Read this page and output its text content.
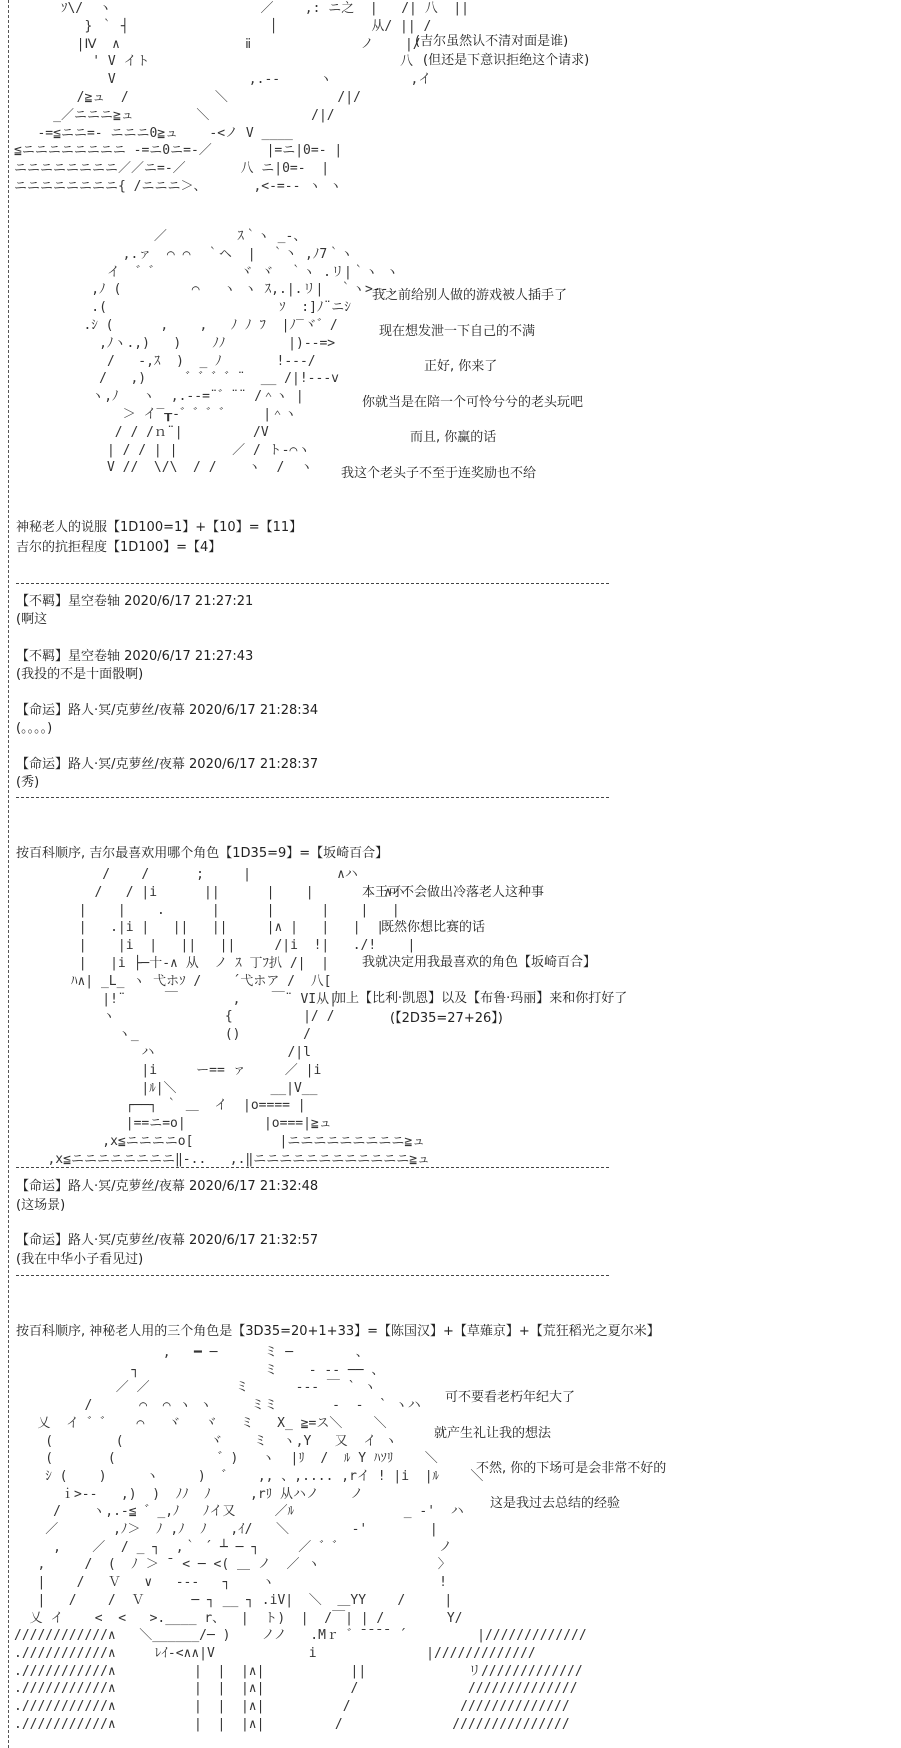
ｿ\/  ヽ                   ／    ,: ニ之  |   /| 八  ||
} ｀ ┤                  │            从/ || /
|Ⅳ  ∧                ⅱ              ノ    |/
' V イト                                八
V                 ,.--     ヽ          ,イ
/≧ュ  /           ＼              /|/
_／ニニニ≧ュ        ＼             /|/
-=≦ニニ=- ニニニ0≧ュ    -<ノ V ____
≦ニニニニニニニニ -=ニ0ニ=-／       |=ニ|0=- |
ニニニニニニニニ／／ニ=-／       八 ニ|0=-  |
ニニニニニニニニ{ /ニニニ＞、      ,<-=-- ヽ ヽ
(吉尔虽然认不清对面是谁)
(但还是下意识拒绝这个请求)
／         ｽ｀ヽ _-、
,.ァ  ⌒ ⌒  ｀ヘ  |  ｀丶 ,ﾉ7｀ヽ
イ  ゛゛          ヾ ヾ  ｀ヽ .リ|｀ヽ ヽ
,ﾉ (         ⌒   ヽ ヽ ｽ,.|.リ|  ｀ヽ>--、
.(                      ｿ  :]ﾉ¨ニｼ
.ｼ (      ,    ,   ﾉ ﾉ ﾌ  |ﾉ‾ヾ゛/
,ﾉヽ.,)   )    ﾉﾉ        |)--=>
/   -,ｽ  )  _ ﾉ       !--‐/
/   ,)     ゛゛゛゛¨  __ /|!--‐v
ヽ,ﾉ   ヽ  ,.--=¨゛¨¨ /＾ヽ |
＞ イ‾┰‐゛゛゛゛    |＾ヽ
/ / /ｎ¨|         /V
| / / | |       ／ / ト‐⌒ヽ
V //  \/\  / /    ヽ  /  ヽ
我之前给别人做的游戏被人插手了
现在想发泄一下自己的不满
正好, 你来了
你就当是在陪一个可怜兮兮的老头玩吧
而且, 你赢的话
我这个老头子不至于连奖励也不给
神秘老人的说服【1D100=1】+【10】=【11】
吉尔的抗拒程度【1D100】=【4】
【不羁】星空卷轴 2020/6/17 21:27:21
(啊这
【不羁】星空卷轴 2020/6/17 21:27:43
(我投的不是十面骰啊)
【命运】路人·冥/克萝丝/夜幕 2020/6/17 21:28:34
(。。。。)
【命运】路人·冥/克萝丝/夜幕 2020/6/17 21:28:37
(秀)
按百科顺序, 吉尔最喜欢用哪个角色【1D35=9】=【坂崎百合】
/    /      ;     |           ∧ハ
/   / |i      ||      |    |         ∧ハ
|    |    .      |      |      |    |   |
|   .|i |   ||   ||     |∧ |   |   |  |
|    |i  |   ||   ||     /|i  !|   ./!    |
|   |i ├─十‐∧ 从  ノ ｽ 丁ﾌ扒 /|  |
ﾊ∧| _L_ ヽ 弋ホｿ /    ´弋ホア /  八[
|!¨     ￣       ,    ￣¨ VI从|
ヽ              {         |/ /
ヽ_           ()        /
ハ                 /|l
|i     ー== ァ     ／ |i
|ﾙ|＼            __|V__
┌──┐ ｀ ＿  イ  |o==== |
|==ニ=o|          |o===|≧ュ
,x≦ニニニニo[           |ニニニニニニニニニ≧ュ
,x≦ニニニニニニニニ‖-..   ,.‖ニニニニニニニニニニニニ≧ュ
本王可不会做出冷落老人这种事
既然你想比赛的话
我就决定用我最喜欢的角色【坂崎百合】
加上【比利·凯恩】以及【布鲁·玛丽】来和你打好了
(【2D35=27+26】)
【命运】路人·冥/克萝丝/夜幕 2020/6/17 21:32:48
(这场景)
【命运】路人·冥/克萝丝/夜幕 2020/6/17 21:32:57
(我在中华小子看见过)
按百科顺序, 神秘老人用的三个角色是【3D35=20+1+33】=【陈国汉】+【草薙京】+【荒狂稻光之夏尔米】
,   ━ ─      ミ ─        、
┐                ミ    - -- ── 、
／ ／           ミ      --- ￣ ` ヽ
/      ⌒  ⌒ ヽ ヽ     ミミ       ‐  ‐  ` ヽハ
乂  イ ゛゛   ⌒   ヾ   ヾ   ミ   X_ ≧=ス＼    ＼
(        (           ヾ    ミ  ヽ,Y   又  イ ヽ
(       (             ゛)   ヽ  |ﾘ  /  ﾙ Y ﾊｿﾘ    ＼
ｼ (    )     ヽ     )  ゛   ,, 、,.... ,rイ ! |i  |ﾙ    ＼
ｉ>--   ,)  )  ﾉﾉ  ﾉ     ,rﾘ 从ハノ    ノ
/    ヽ,.-≦ ゛_,ﾉ   ﾉイ又     ／ﾙ              _ -'  ハ
／       ,ﾉ＞  ﾉ ,ﾉ  ﾉ   ,ｲ/   ＼        -'        |
,    ／  / _ ┐  ,｀ ´ ┴ ─ ┐     ／ ゛゛            ノ
,     /  (  ﾉ ＞ ¯ < ─ <( ＿ ノ  ／ ヽ               〉
|    /   Ｖ   ∨   ---   ┐    ヽ                     !
|   /    /  Ｖ      ─ ┐ __ ┐ .iV|  ＼  ＿YY    /     |
乂 イ    <  <   >.____ r、  |  ト)  |  /￣| | /        Y/
////////////∧   ＼______/─ )    ノノ   .Mｒ ゛¯¯¯¯ ´         |/////////////
.///////////∧     ﾚｲ-<∧∧|V            i              |/////////////
.///////////∧          |  |  |∧|           ||             リ/////////////
.///////////∧          |  |  |∧|           /              //////////////
.///////////∧          |  |  |∧|          /              //////////////
.///////////∧          |  |  |∧|         /              ///////////////
可不要看老朽年纪大了
就产生礼让我的想法
不然, 你的下场可是会非常不好的
这是我过去总结的经验
